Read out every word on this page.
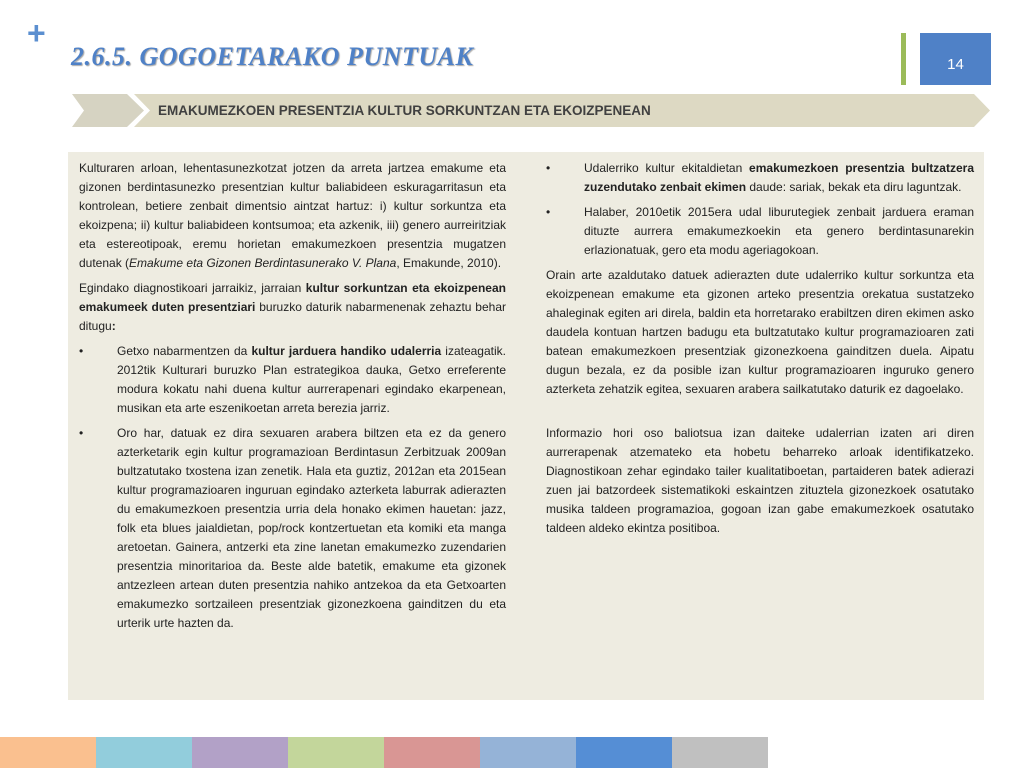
+
2.6.5. GOGOETARAKO PUNTUAK	14
EMAKUMEZKOEN PRESENTZIA KULTUR SORKUNTZAN ETA EKOIZPENEAN

Kulturaren arloan, lehentasunezkotzat jotzen da arreta jartzea emakume eta gizonen berdintasunezko presentzian kultur baliabideen eskuragarritasun eta kontrolean, betiere zenbait dimentsio aintzat hartuz: i) kultur sorkuntza eta ekoizpena; ii) kultur baliabideen kontsumoa; eta azkenik, iii) genero aurreiritziak eta estereotipoak, eremu horietan emakumezkoen presentzia mugatzen dutenak (Emakume eta Gizonen Berdintasunerako V. Plana, Emakunde, 2010).

Egindako diagnostikoari jarraikiz, jarraian kultur sorkuntzan eta ekoizpenean emakumeek duten presentziari buruzko daturik nabarmenenak zehaztu behar ditugu:

•	Getxo nabarmentzen da kultur jarduera handiko udalerria izateagatik. 2012tik Kulturari buruzko Plan estrategikoa dauka, Getxo erreferente modura kokatu nahi duena kultur aurrerapenari egindako ekarpenean, musikan eta arte eszenikoetan arreta berezia jarriz.
•	Oro har, datuak ez dira sexuaren arabera biltzen eta ez da genero azterketarik egin kultur programazioan Berdintasun Zerbitzuak 2009an bultzatutako txostena izan zenetik. Hala eta guztiz, 2012an eta 2015ean kultur programazioaren inguruan egindako azterketa laburrak adierazten du emakumezkoen presentzia urria dela honako ekimen hauetan: jazz, folk eta blues jaialdietan, pop/rock kontzertuetan eta komiki eta manga aretoetan. Gainera, antzerki eta zine lanetan emakumezko zuzendarien presentzia minoritarioa da. Beste alde batetik, emakume eta gizonek antzezleen artean duten presentzia nahiko antzekoa da eta Getxoarten emakumezko sortzaileen presentziak gizonezkoena gainditzen du eta urterik urte hazten da.
•	Udalerriko kultur ekitaldietan emakumezkoen presentzia bultzatzera zuzendutako zenbait ekimen daude: sariak, bekak eta diru laguntzak.
•	Halaber, 2010etik 2015era udal liburutegiek zenbait jarduera eraman dituzte aurrera emakumezkoekin eta genero berdintasunarekin erlazionatuak, gero eta modu ageriagokoan.

Orain arte azaldutako datuek adierazten dute udalerriko kultur sorkuntza eta ekoizpenean emakume eta gizonen arteko presentzia orekatua sustatzeko ahaleginak egiten ari direla, baldin eta horretarako erabiltzen diren ekimen asko daudela kontuan hartzen badugu eta bultzatutako kultur programazioaren zati batean emakumezkoen presentziak gizonezkoena gainditzen duela. Aipatu dugun bezala, ez da posible izan kultur programazioaren inguruko genero azterketa zehatzik egitea, sexuaren arabera sailkatutako daturik ez dagoelako.

Informazio hori oso baliotsua izan daiteke udalerrian izaten ari diren aurrerapenak atzemateko eta hobetu beharreko arloak identifikatzeko. Diagnostikoan zehar egindako tailer kualitatiboetan, partaideren batek adierazi zuen jai batzordeek sistematikoki eskaintzen zituztela gizonezkoek osatutako musika taldeen programazioa, gogoan izan gabe emakumezkoek osatutako taldeen aldeko ekintza positiboa.
